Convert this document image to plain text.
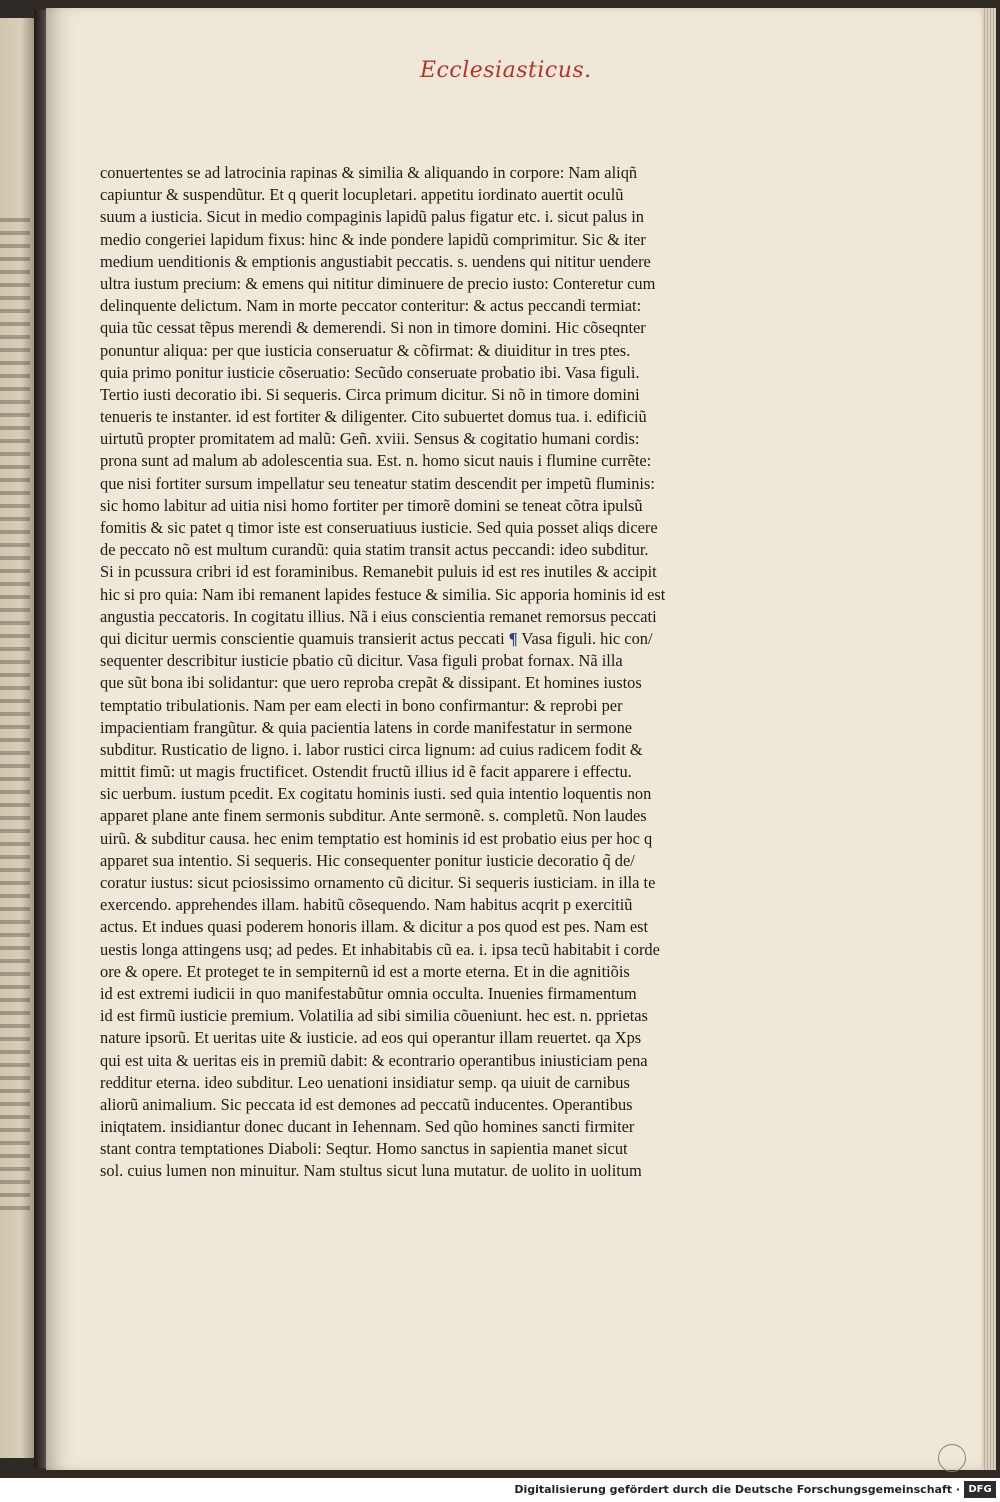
Ecclesiasticus.
conuertentes se ad latrocinia rapinas & similia & aliquando in corpore: Nam aliqñ
capiuntur & suspendũtur. Et q querit locupletari. appetitu iordinato auertit oculũ
suum a iusticia. Sicut in medio compaginis lapidũ palus figatur etc. i. sicut palus in
medio congeriei lapidum fixus: hinc & inde pondere lapidũ comprimitur. Sic & iter
medium uenditionis & emptionis angustiabit peccatis. s. uendens qui nititur uendere
ultra iustum precium: & emens qui nititur diminuere de precio iusto: Conteretur cum
delinquente delictum. Nam in morte peccator conteritur: & actus peccandi termiat:
quia tũc cessat tẽpus merendi & demerendi. Si non in timore domini. Hic cõseqnter
ponuntur aliqua: per que iusticia conseruatur & cõfirmat: & diuiditur in tres ptes.
quia primo ponitur iusticie cõseruatio: Secũdo conseruate probatio ibi. Vasa figuli.
Tertio iusti decoratio ibi. Si sequeris. Circa primum dicitur. Si nõ in timore domini
tenueris te instanter. id est fortiter & diligenter. Cito subuertet domus tua. i. edificiũ
uirtutũ propter promitatem ad malũ: Geñ. xviii. Sensus & cogitatio humani cordis:
prona sunt ad malum ab adolescentia sua. Est. n. homo sicut nauis i flumine currẽte:
que nisi fortiter sursum impellatur seu teneatur statim descendit per impetũ fluminis:
sic homo labitur ad uitia nisi homo fortiter per timorẽ domini se teneat cõtra ipulsũ
fomitis & sic patet q timor iste est conseruatiuus iusticie. Sed quia posset aliqs dicere
de peccato nõ est multum curandũ: quia statim transit actus peccandi: ideo subditur.
Si in pcussura cribri id est foraminibus. Remanebit puluis id est res inutiles & accipit
hic si pro quia: Nam ibi remanent lapides festuce & similia. Sic apporia hominis id est
angustia peccatoris. In cogitatu illius. Nã i eius conscientia remanet remorsus peccati
qui dicitur uermis conscientie quamuis transierit actus peccati ¶ Vasa figuli. hic con/
sequenter describitur iusticie pbatio cũ dicitur. Vasa figuli probat fornax. Nã illa
que sũt bona ibi solidantur: que uero reproba crepãt & dissipant. Et homines iustos
temptatio tribulationis. Nam per eam electi in bono confirmantur: & reprobi per
impacientiam frangũtur. & quia pacientia latens in corde manifestatur in sermone
subditur. Rusticatio de ligno. i. labor rustici circa lignum: ad cuius radicem fodit &
mittit fimũ: ut magis fructificet. Ostendit fructũ illius id ẽ facit apparere i effectu.
sic uerbum. iustum pcedit. Ex cogitatu hominis iusti. sed quia intentio loquentis non
apparet plane ante finem sermonis subditur. Ante sermonẽ. s. completũ. Non laudes
uirũ. & subditur causa. hec enim temptatio est hominis id est probatio eius per hoc q
apparet sua intentio. Si sequeris. Hic consequenter ponitur iusticie decoratio q̃ de/
coratur iustus: sicut pciosissimo ornamento cũ dicitur. Si sequeris iusticiam. in illa te
exercendo. apprehendes illam. habitũ cõsequendo. Nam habitus acqrit p exercitiũ
actus. Et indues quasi poderem honoris illam. & dicitur a pos quod est pes. Nam est
uestis longa attingens usq; ad pedes. Et inhabitabis cũ ea. i. ipsa tecũ habitabit i corde
ore & opere. Et proteget te in sempiternũ id est a morte eterna. Et in die agnitiõis
id est extremi iudicii in quo manifestabũtur omnia occulta. Inuenies firmamentum
id est firmũ iusticie premium. Volatilia ad sibi similia cõueniunt. hec est. n. pprietas
nature ipsorũ. Et ueritas uite & iusticie. ad eos qui operantur illam reuertet. qa Xps
qui est uita & ueritas eis in premiũ dabit: & econtrario operantibus iniusticiam pena
redditur eterna. ideo subditur. Leo uenationi insidiatur semp. qa uiuit de carnibus
aliorũ animalium. Sic peccata id est demones ad peccatũ inducentes. Operantibus
iniqtatem. insidiantur donec ducant in Iehennam. Sed qũo homines sancti firmiter
stant contra temptationes Diaboli: Seqtur. Homo sanctus in sapientia manet sicut
sol. cuius lumen non minuitur. Nam stultus sicut luna mutatur. de uolito in uolitum
Digitalisierung gefördert durch die Deutsche Forschungsgemeinschaft · DFG
